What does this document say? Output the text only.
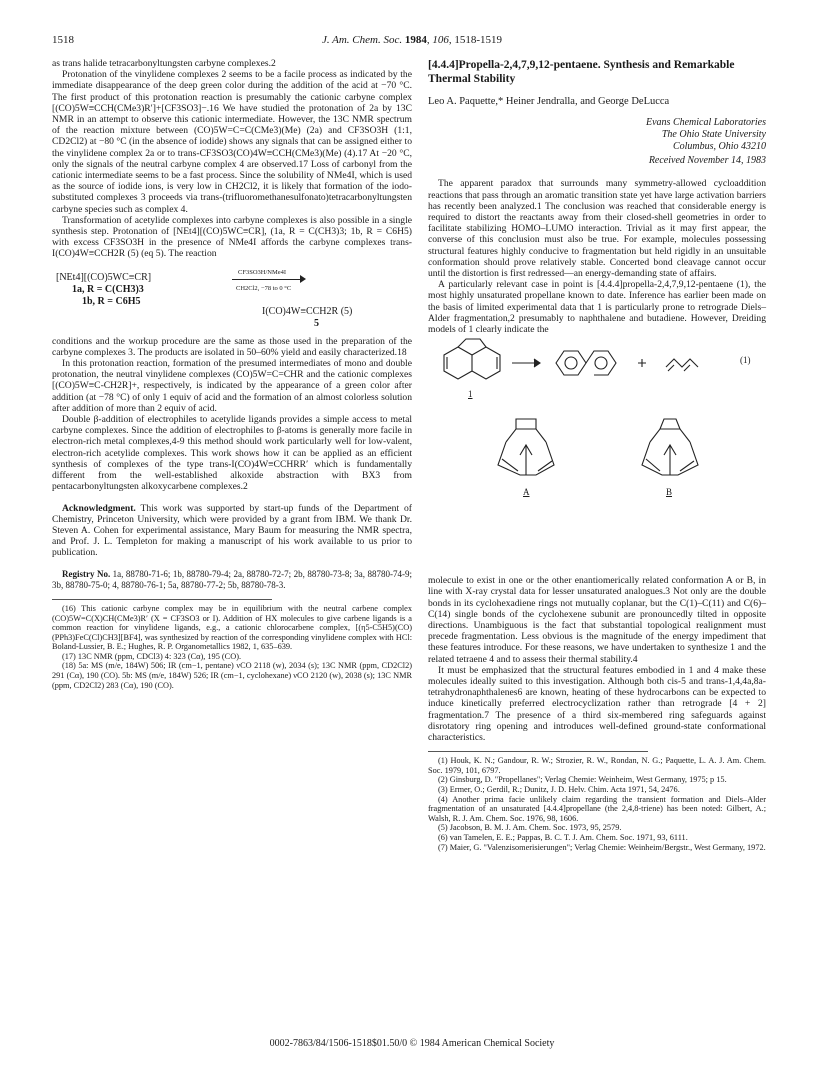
1518	J. Am. Chem. Soc. 1984, 106, 1518-1519

as trans halide tetracarbonyltungsten carbyne complexes.2

Protonation of the vinylidene complexes 2 seems to be a facile process as indicated by the immediate disappearance of the deep green color during the addition of the acid at −70 °C. The first product of this protonation reaction is presumably the cationic carbyne complex [(CO)5W≡CCH(CMe3)R′]+[CF3SO3]−.16 We have studied the protonation of 2a by 13C NMR in an attempt to observe this cationic intermediate. However, the 13C NMR spectrum of the reaction mixture between (CO)5W=C=C(CMe3)(Me) (2a) and CF3SO3H (1:1, CD2Cl2) at −80 °C (in the absence of iodide) shows any signals that can be assigned either to the vinylidene complex 2a or to trans-CF3SO3(CO)4W≡CCH(CMe3)(Me) (4).17 At −20 °C, only the signals of the neutral carbyne complex 4 are observed.17 Loss of carbonyl from the cationic intermediate seems to be a fast process. Since the solubility of NMe4I, which is used as the source of iodide ions, is very low in CH2Cl2, it is likely that formation of the iodo-substituted complexes 3 proceeds via trans-(trifluoromethanesulfonato)tetracarbonyltungsten carbyne species such as complex 4.

Transformation of acetylide complexes into carbyne complexes is also possible in a single synthesis step. Protonation of [NEt4][(CO)5WC≡CR], (1a, R = C(CH3)3; 1b, R = C6H5) with excess CF3SO3H in the presence of NMe4I affords the carbyne complexes trans-I(CO)4W≡CCH2R (5) (eq 5). The reaction

[NEt4][(CO)5WC≡CR]	CF3SO3H/NMe4I
CH2Cl2, −78 to 0 °C
1a, R = C(CH3)3
1b, R = C6H5
I(CO)4W≡CCH2R (5)
5

conditions and the workup procedure are the same as those used in the preparation of the carbyne complexes 3. The products are isolated in 50–60% yield and easily characterized.18

In this protonation reaction, formation of the presumed intermediates of mono and double protonation, the neutral vinylidene complexes (CO)5W=C=CHR and the cationic complexes [(CO)5W≡C-CH2R]+, respectively, is indicated by the appearance of a green color after addition (at −78 °C) of only 1 equiv of acid and the formation of an almost colorless solution after addition of more than 2 equiv of acid.

Double β-addition of electrophiles to acetylide ligands provides a simple access to metal carbyne complexes. Since the addition of electrophiles to β-atoms is generally more facile in electron-rich metal complexes,4-9 this method should work particularly well for low-valent, electron-rich acetylide complexes. This work shows how it can be applied as an efficient synthesis of complexes of the type trans-I(CO)4W≡CCHRR′ which is fundamentally different from the well-established alkoxide abstraction with BX3 from pentacarbonyltungsten alkoxycarbene complexes.2

Acknowledgment. This work was supported by start-up funds of the Department of Chemistry, Princeton University, which were provided by a grant from IBM. We thank Dr. Steven A. Cohen for experimental assistance, Mary Baum for measuring the NMR spectra, and Prof. J. L. Templeton for making a manuscript of his work available to us prior to publication.

Registry No. 1a, 88780-71-6; 1b, 88780-79-4; 2a, 88780-72-7; 2b, 88780-73-8; 3a, 88780-74-9; 3b, 88780-75-0; 4, 88780-76-1; 5a, 88780-77-2; 5b, 88780-78-3.

(16) This cationic carbyne complex may be in equilibrium with the neutral carbene complex (CO)5W=C(X)CH(CMe3)R′ (X = CF3SO3 or I). Addition of HX molecules to give carbene ligands is a common reaction for vinylidene ligands, e.g., a cationic chlorocarbene complex, [(η5-C5H5)(CO)(PPh3)FeC(Cl)CH3][BF4], was synthesized by reaction of the corresponding vinylidene complex with HCl: Boland-Lussier, B. E.; Hughes, R. P. Organometallics 1982, 1, 635–639.

(17) 13C NMR (ppm, CDCl3) 4: 323 (Cα), 195 (CO).

(18) 5a: MS (m/e, 184W) 506; IR (cm−1, pentane) νCO 2118 (w), 2034 (s); 13C NMR (ppm, CD2Cl2) 291 (Cα), 190 (CO). 5b: MS (m/e, 184W) 526; IR (cm−1, cyclohexane) νCO 2120 (w), 2038 (s); 13C NMR (ppm, CD2Cl2) 283 (Cα), 190 (CO).

[4.4.4]Propella-2,4,7,9,12-pentaene. Synthesis and Remarkable Thermal Stability

Leo A. Paquette,* Heiner Jendralla, and George DeLucca

Evans Chemical Laboratories

The Ohio State University

Columbus, Ohio 43210

Received November 14, 1983

The apparent paradox that surrounds many symmetry-allowed cycloaddition reactions that pass through an aromatic transition state yet have large activation barriers has recently been analyzed.1 The conclusion was reached that considerable energy is required to distort the reactants away from their closed-shell geometries in order to facilitate stabilizing HOMO–LUMO interaction. Trivial as it may first appear, the converse of this conclusion must also be true. For example, molecules possessing structural features highly conducive to fragmentation but held rigidly in an unsuitable conformation should prove relatively stable. Concerted bond cleavage cannot occur until the distortion is first redressed—an energy-demanding state of affairs.

A particularly relevant case in point is [4.4.4]propella-2,4,7,9,12-pentaene (1), the most highly unsaturated propellane known to date. Inference has earlier been made on the basis of limited experimental data that 1 is particularly prone to retrograde Diels–Alder fragmentation,2 presumably to naphthalene and butadiene. However, Dreiding models of 1 clearly indicate the

(1)
1
A	B

molecule to exist in one or the other enantiomerically related conformation A or B, in line with X-ray crystal data for lesser unsaturated analogues.3 Not only are the double bonds in its cyclohexadiene rings not mutually coplanar, but the C(1)–C(11) and C(6)–C(14) single bonds of the cyclohexene subunit are pronouncedly tilted in opposite directions. Unambiguous is the fact that substantial topological realignment must precede fragmentation. Less obvious is the magnitude of the energy impediment that these features introduce. For these reasons, we have undertaken to synthesize 1 and the related tetraene 4 and to assess their thermal stability.4

It must be emphasized that the structural features embodied in 1 and 4 make these molecules ideally suited to this investigation. Although both cis-5 and trans-1,4,4a,8a-tetrahydronaphthalenes6 are known, heating of these hydrocarbons can be expected to induce kinetically preferred electrocyclization rather than retrograde [4 + 2] fragmentation.7 The presence of a third six-membered ring safeguards against disrotatory ring opening and introduces well-defined ground-state conformational characteristics.

(1) Houk, K. N.; Gandour, R. W.; Strozier, R. W., Rondan, N. G.; Paquette, L. A. J. Am. Chem. Soc. 1979, 101, 6797.

(2) Ginsburg, D. "Propellanes"; Verlag Chemie: Weinheim, West Germany, 1975; p 15.

(3) Ermer, O.; Gerdil, R.; Dunitz, J. D. Helv. Chim. Acta 1971, 54, 2476.

(4) Another prima facie unlikely claim regarding the transient formation and Diels–Alder fragmentation of an unsaturated [4.4.4]propellane (the 2,4,8-triene) has been noted: Gilbert, A.; Walsh, R. J. Am. Chem. Soc. 1976, 98, 1606.

(5) Jacobson, B. M. J. Am. Chem. Soc. 1973, 95, 2579.

(6) van Tamelen, E. E.; Pappas, B. C. T. J. Am. Chem. Soc. 1971, 93, 6111.

(7) Maier, G. "Valenzisomerisierungen"; Verlag Chemie: Weinheim/Bergstr., West Germany, 1972.

0002-7863/84/1506-1518$01.50/0 © 1984 American Chemical Society
